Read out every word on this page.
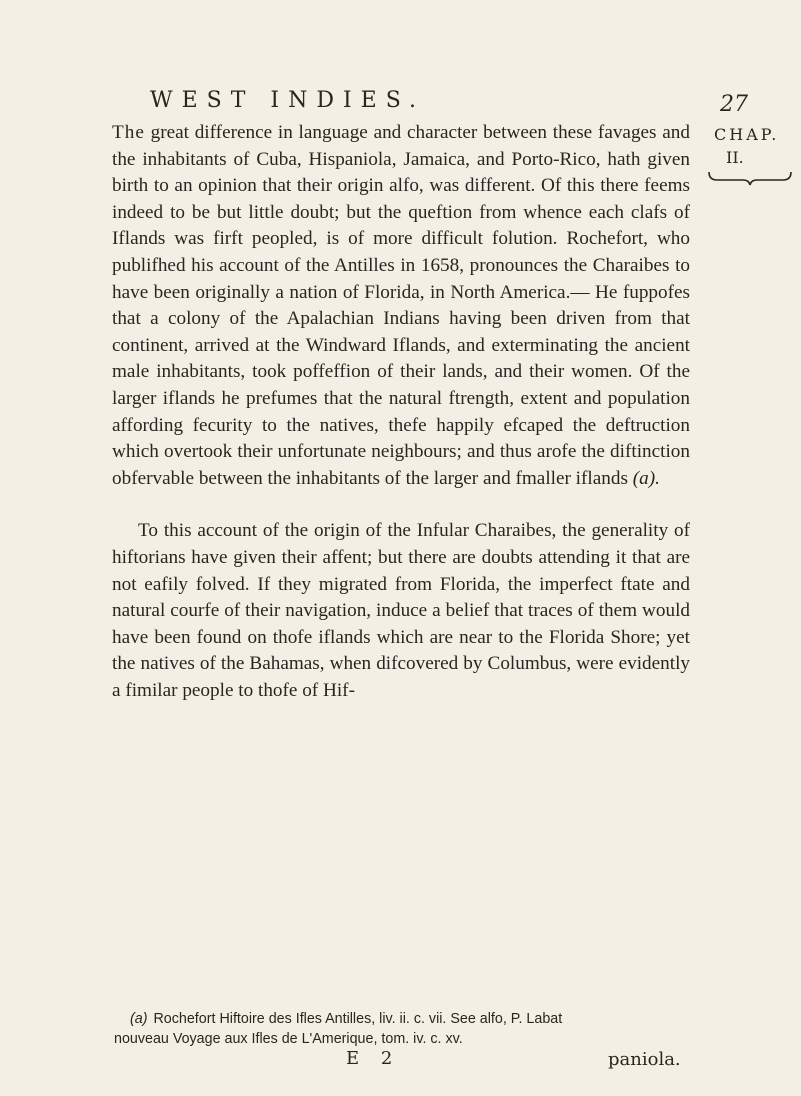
WEST INDIES.	27
CHAP.
II.

The great difference in language and character between these favages and the inhabitants of Cuba, Hispaniola, Jamaica, and Porto-Rico, hath given birth to an opinion that their origin alfo, was different. Of this there feems indeed to be but little doubt; but the queftion from whence each clafs of Iflands was firft peopled, is of more difficult folution. Rochefort, who publifhed his account of the Antilles in 1658, pronounces the Charaibes to have been originally a nation of Florida, in North America.— He fuppofes that a colony of the Apalachian Indians having been driven from that continent, arrived at the Windward Iflands, and exterminating the ancient male inhabitants, took poffeffion of their lands, and their women. Of the larger iflands he prefumes that the natural ftrength, extent and population affording fecurity to the natives, thefe happily efcaped the deftruction which overtook their unfortunate neighbours; and thus arofe the diftinction obfervable between the inhabitants of the larger and fmaller iflands (a).

To this account of the origin of the Infular Charaibes, the generality of hiftorians have given their affent; but there are doubts attending it that are not eafily folved. If they migrated from Florida, the imperfect ftate and natural courfe of their navigation, induce a belief that traces of them would have been found on thofe iflands which are near to the Florida Shore; yet the natives of the Bahamas, when difcovered by Columbus, were evidently a fimilar people to thofe of Hif-

(a) Rochefort Hiftoire des Ifles Antilles, liv. ii. c. vii. See alfo, P. Labat
nouveau Voyage aux Ifles de L'Amerique, tom. iv. c. xv.
E 2	paniola.
